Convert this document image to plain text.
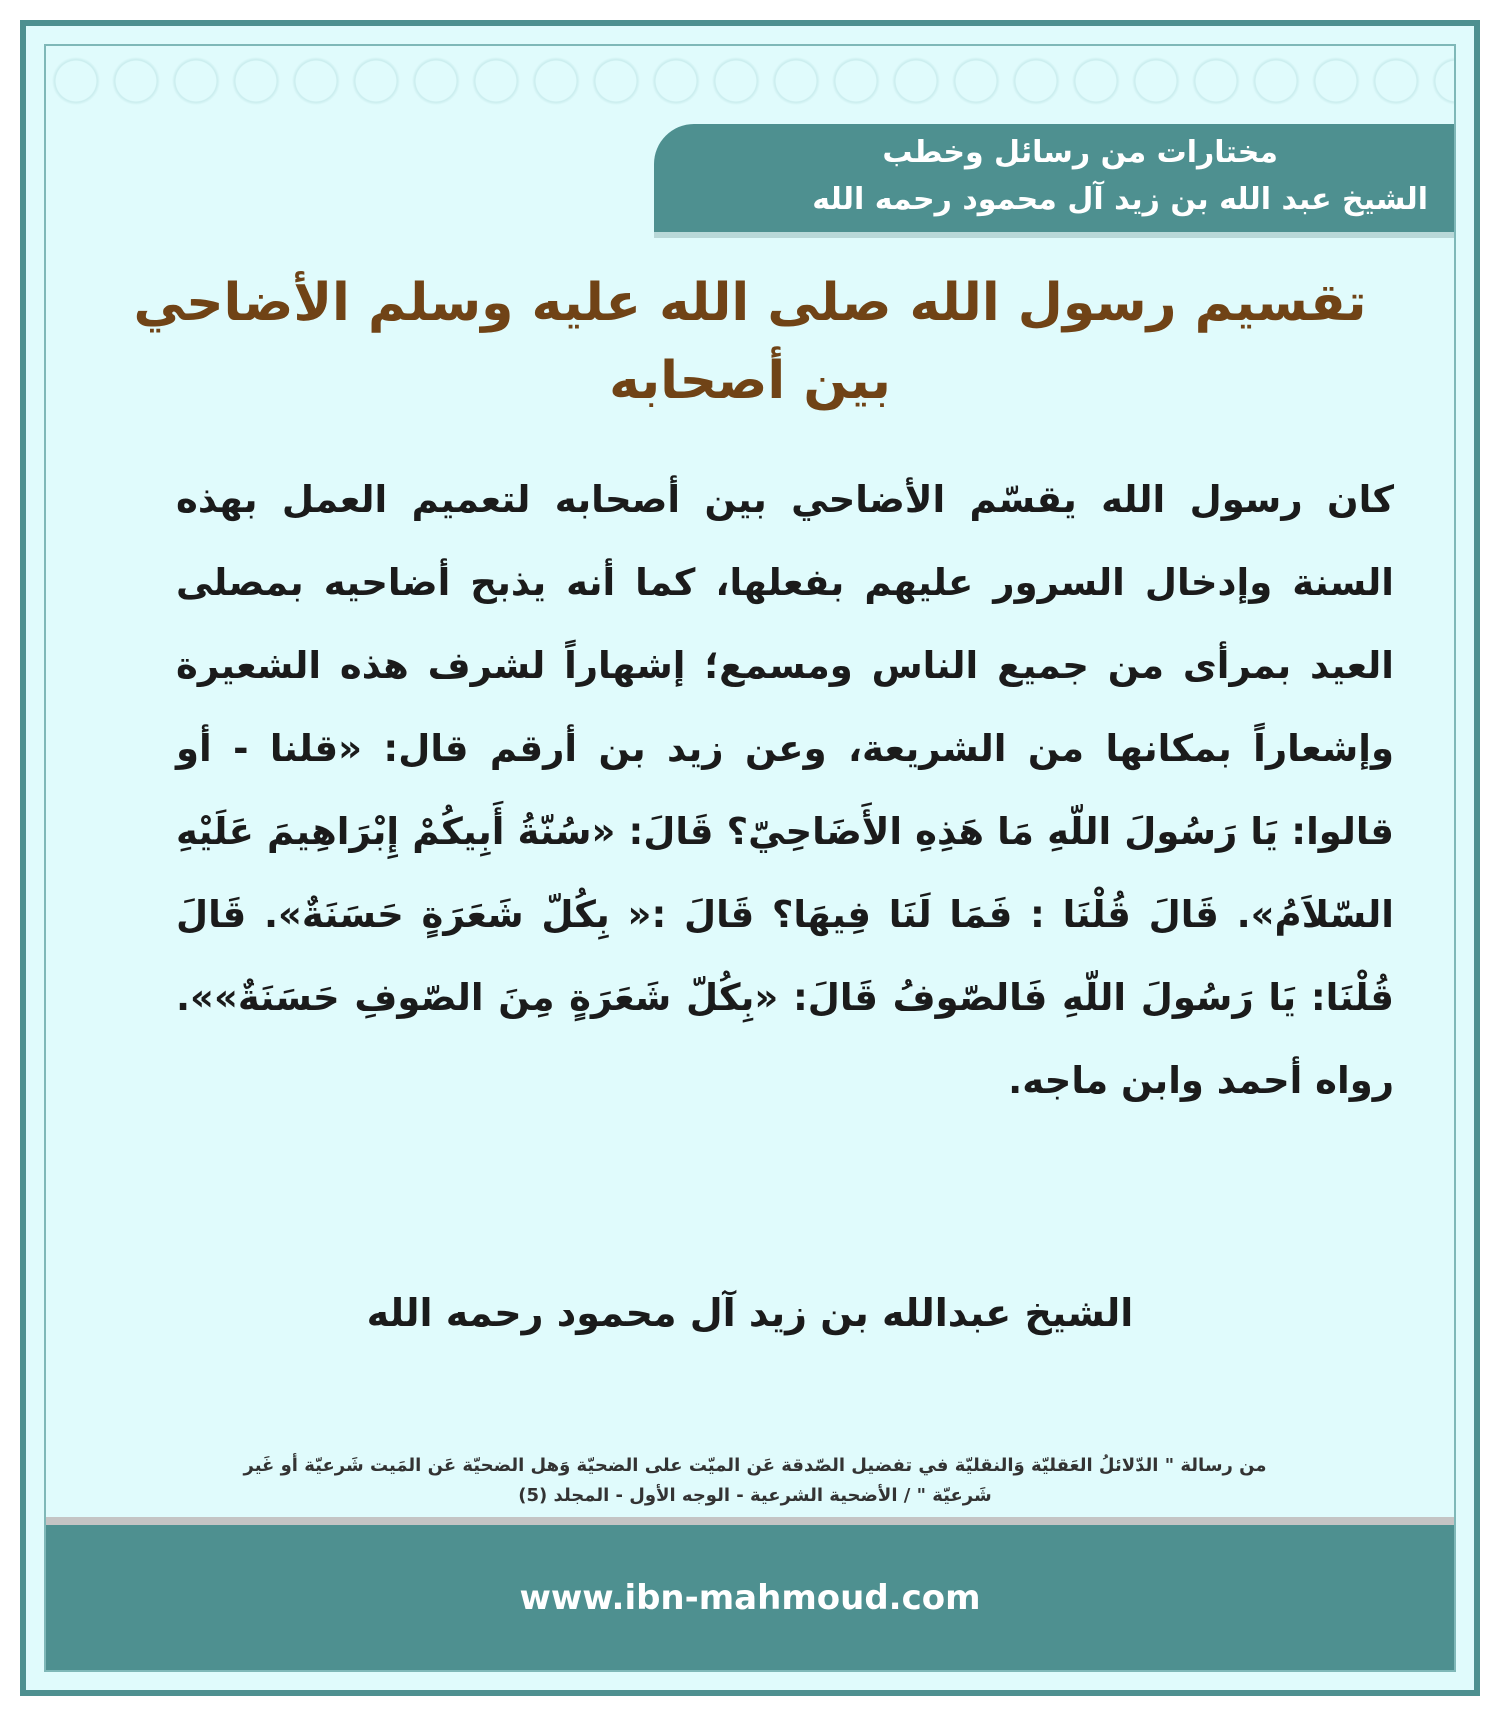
مختارات من رسائل وخطب
الشيخ عبد الله بن زيد آل محمود رحمه الله
تقسيم رسول الله صلى الله عليه وسلم الأضاحي بين أصحابه
كان رسول الله يقسّم الأضاحي بين أصحابه لتعميم العمل بهذه السنة وإدخال السرور عليهم بفعلها، كما أنه يذبح أضاحيه بمصلى العيد بمرأى من جميع الناس ومسمع؛ إشهاراً لشرف هذه الشعيرة وإشعاراً بمكانها من الشريعة، وعن زيد بن أرقم قال: «قلنا - أو قالوا: يَا رَسُولَ اللّهِ مَا هَذِهِ الأَضَاحِيّ؟ قَالَ: «سُنّةُ أَبِيكُمْ إِبْرَاهِيمَ عَلَيْهِ السّلاَمُ». قَالَ قُلْنَا : فَمَا لَنَا فِيهَا؟ قَالَ :« بِكُلّ شَعَرَةٍ حَسَنَةٌ». قَالَ قُلْنَا: يَا رَسُولَ اللّهِ فَالصّوفُ قَالَ: «بِكُلّ شَعَرَةٍ مِنَ الصّوفِ حَسَنَةٌ»». رواه أحمد وابن ماجه.
الشيخ عبدالله بن زيد آل محمود رحمه الله
من رسالة " الدّلائلُ العَقليّة وَالنقليّة في تفضيل الصّدقة عَن الميّت على الضحيّة وَهل الضحيّة عَن المَيت شَرعيّة أو غَير
شَرعيّة " / الأضحية الشرعية - الوجه الأول - المجلد (5)
www.ibn-mahmoud.com
